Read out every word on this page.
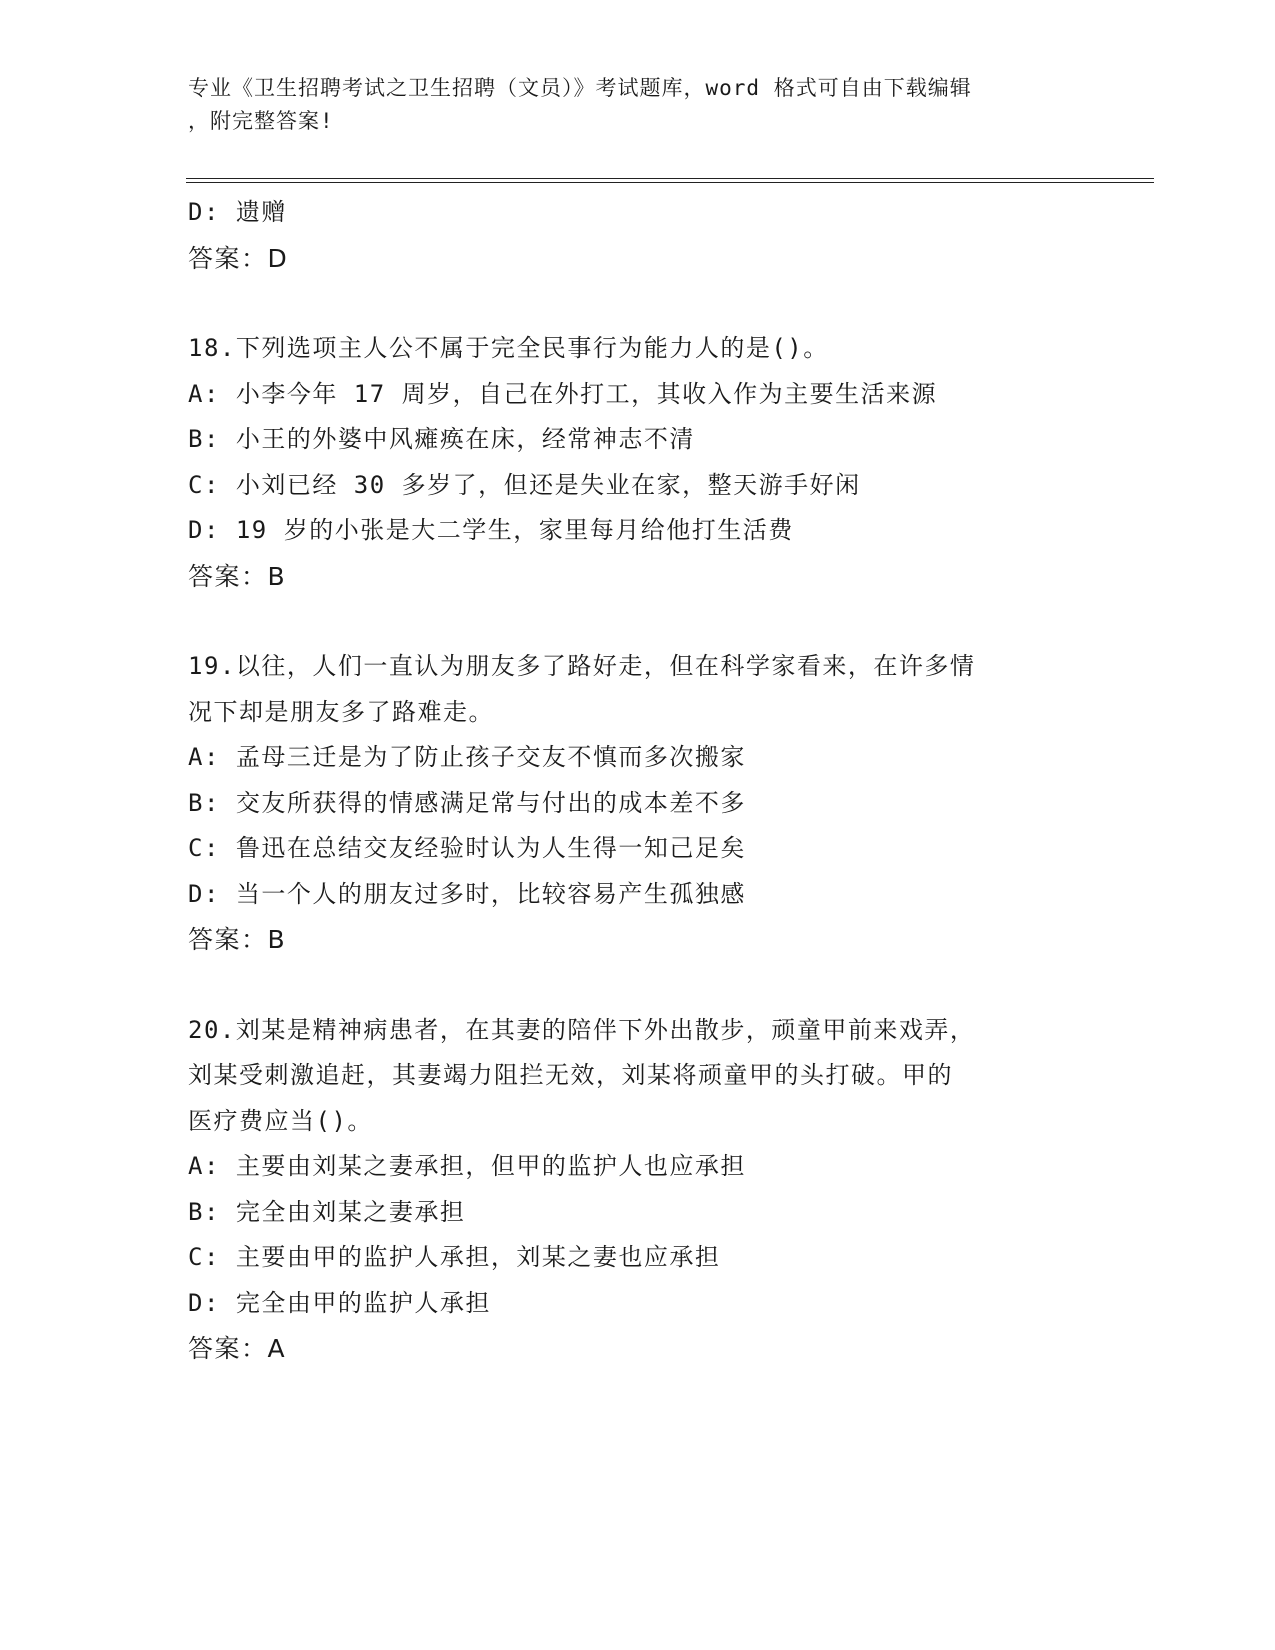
专业《卫生招聘考试之卫生招聘（文员）》考试题库，word 格式可自由下载编辑
，附完整答案!
D: 遗赠
答案：D
18.下列选项主人公不属于完全民事行为能力人的是()。
A: 小李今年 17 周岁，自己在外打工，其收入作为主要生活来源
B: 小王的外婆中风瘫痪在床，经常神志不清
C: 小刘已经 30 多岁了，但还是失业在家，整天游手好闲
D: 19 岁的小张是大二学生，家里每月给他打生活费
答案：B
19.以往，人们一直认为朋友多了路好走，但在科学家看来，在许多情
况下却是朋友多了路难走。
A: 孟母三迁是为了防止孩子交友不慎而多次搬家
B: 交友所获得的情感满足常与付出的成本差不多
C: 鲁迅在总结交友经验时认为人生得一知己足矣
D: 当一个人的朋友过多时，比较容易产生孤独感
答案：B
20.刘某是精神病患者，在其妻的陪伴下外出散步，顽童甲前来戏弄，
刘某受刺激追赶，其妻竭力阻拦无效，刘某将顽童甲的头打破。甲的
医疗费应当()。
A: 主要由刘某之妻承担，但甲的监护人也应承担
B: 完全由刘某之妻承担
C: 主要由甲的监护人承担，刘某之妻也应承担
D: 完全由甲的监护人承担
答案：A
